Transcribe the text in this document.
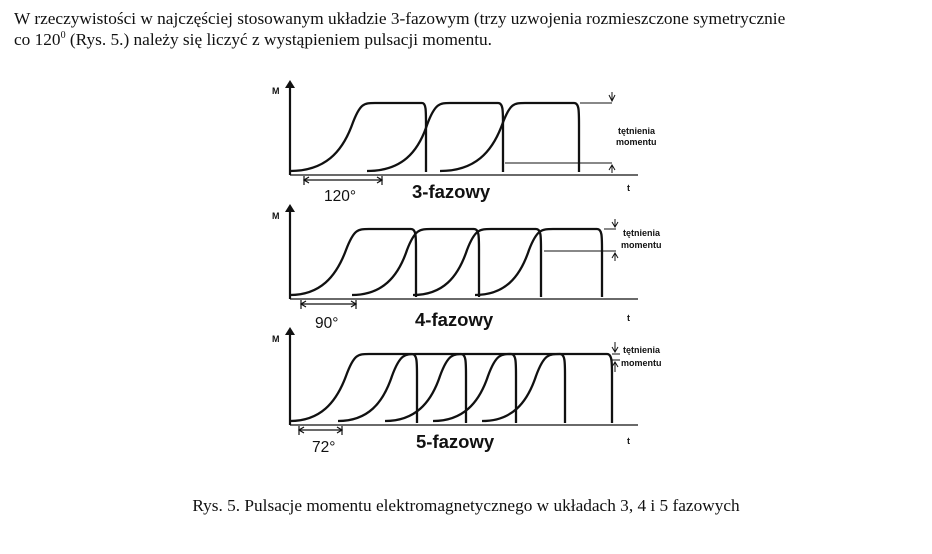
W rzeczywistości w najczęściej stosowanym układzie 3-fazowym (trzy uzwojenia rozmieszczone symetrycznie
co $120^0$ (Rys. 5.) należy się liczyć z wystąpieniem pulsacji momentu.
M
t
tętnienia
momentu
120°	3-fazowy
M
t
tętnienia
momentu
90°	4-fazowy
M
t
tętnienia
momentu
72°	5-fazowy
Rys. 5. Pulsacje momentu elektromagnetycznego w układach 3, 4 i 5 fazowych
